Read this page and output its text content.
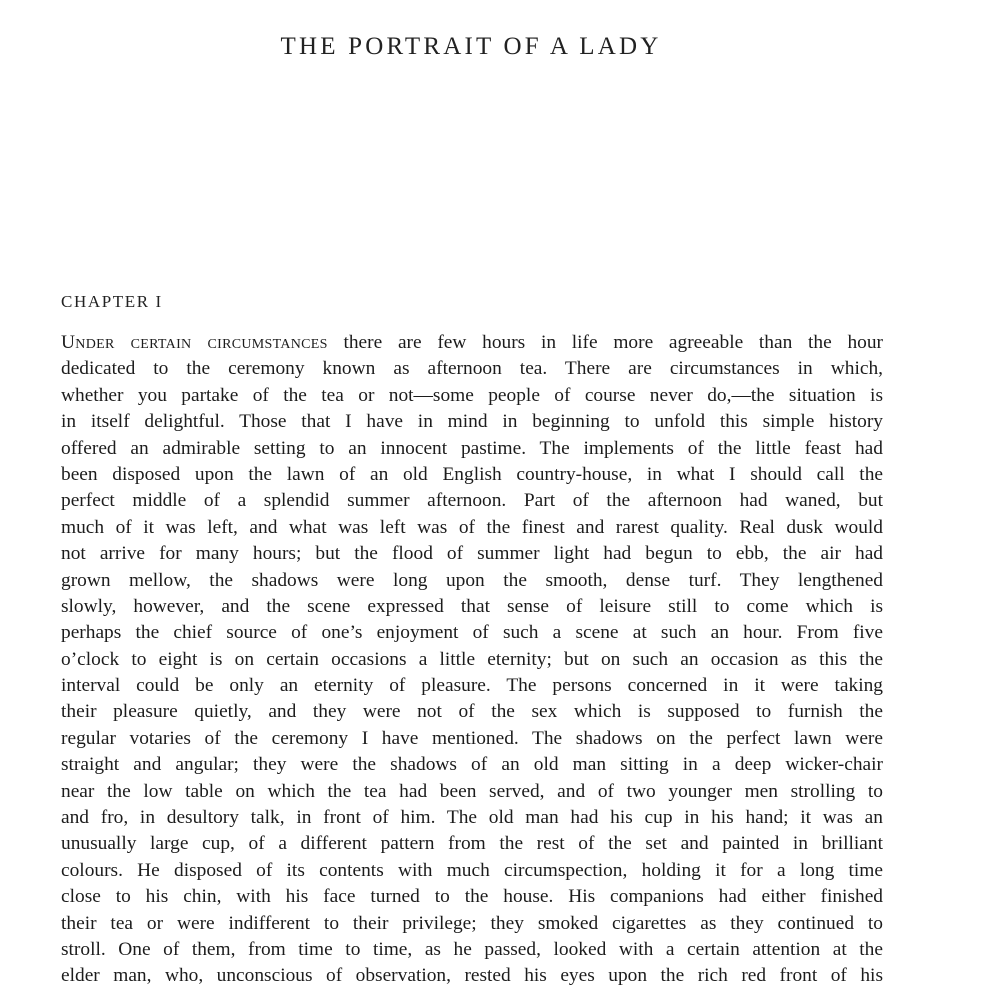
THE PORTRAIT OF A LADY
CHAPTER I
Under certain circumstances there are few hours in life more agreeable than the hour
dedicated to the ceremony known as afternoon tea. There are circumstances in which,
whether you partake of the tea or not—some people of course never do,—the situation is
in itself delightful. Those that I have in mind in beginning to unfold this simple history
offered an admirable setting to an innocent pastime. The implements of the little feast had
been disposed upon the lawn of an old English country-house, in what I should call the
perfect middle of a splendid summer afternoon. Part of the afternoon had waned, but
much of it was left, and what was left was of the finest and rarest quality. Real dusk would
not arrive for many hours; but the flood of summer light had begun to ebb, the air had
grown mellow, the shadows were long upon the smooth, dense turf. They lengthened
slowly, however, and the scene expressed that sense of leisure still to come which is
perhaps the chief source of one’s enjoyment of such a scene at such an hour. From five
o’clock to eight is on certain occasions a little eternity; but on such an occasion as this the
interval could be only an eternity of pleasure. The persons concerned in it were taking
their pleasure quietly, and they were not of the sex which is supposed to furnish the
regular votaries of the ceremony I have mentioned. The shadows on the perfect lawn were
straight and angular; they were the shadows of an old man sitting in a deep wicker-chair
near the low table on which the tea had been served, and of two younger men strolling to
and fro, in desultory talk, in front of him. The old man had his cup in his hand; it was an
unusually large cup, of a different pattern from the rest of the set and painted in brilliant
colours. He disposed of its contents with much circumspection, holding it for a long time
close to his chin, with his face turned to the house. His companions had either finished
their tea or were indifferent to their privilege; they smoked cigarettes as they continued to
stroll. One of them, from time to time, as he passed, looked with a certain attention at the
elder man, who, unconscious of observation, rested his eyes upon the rich red front of his
